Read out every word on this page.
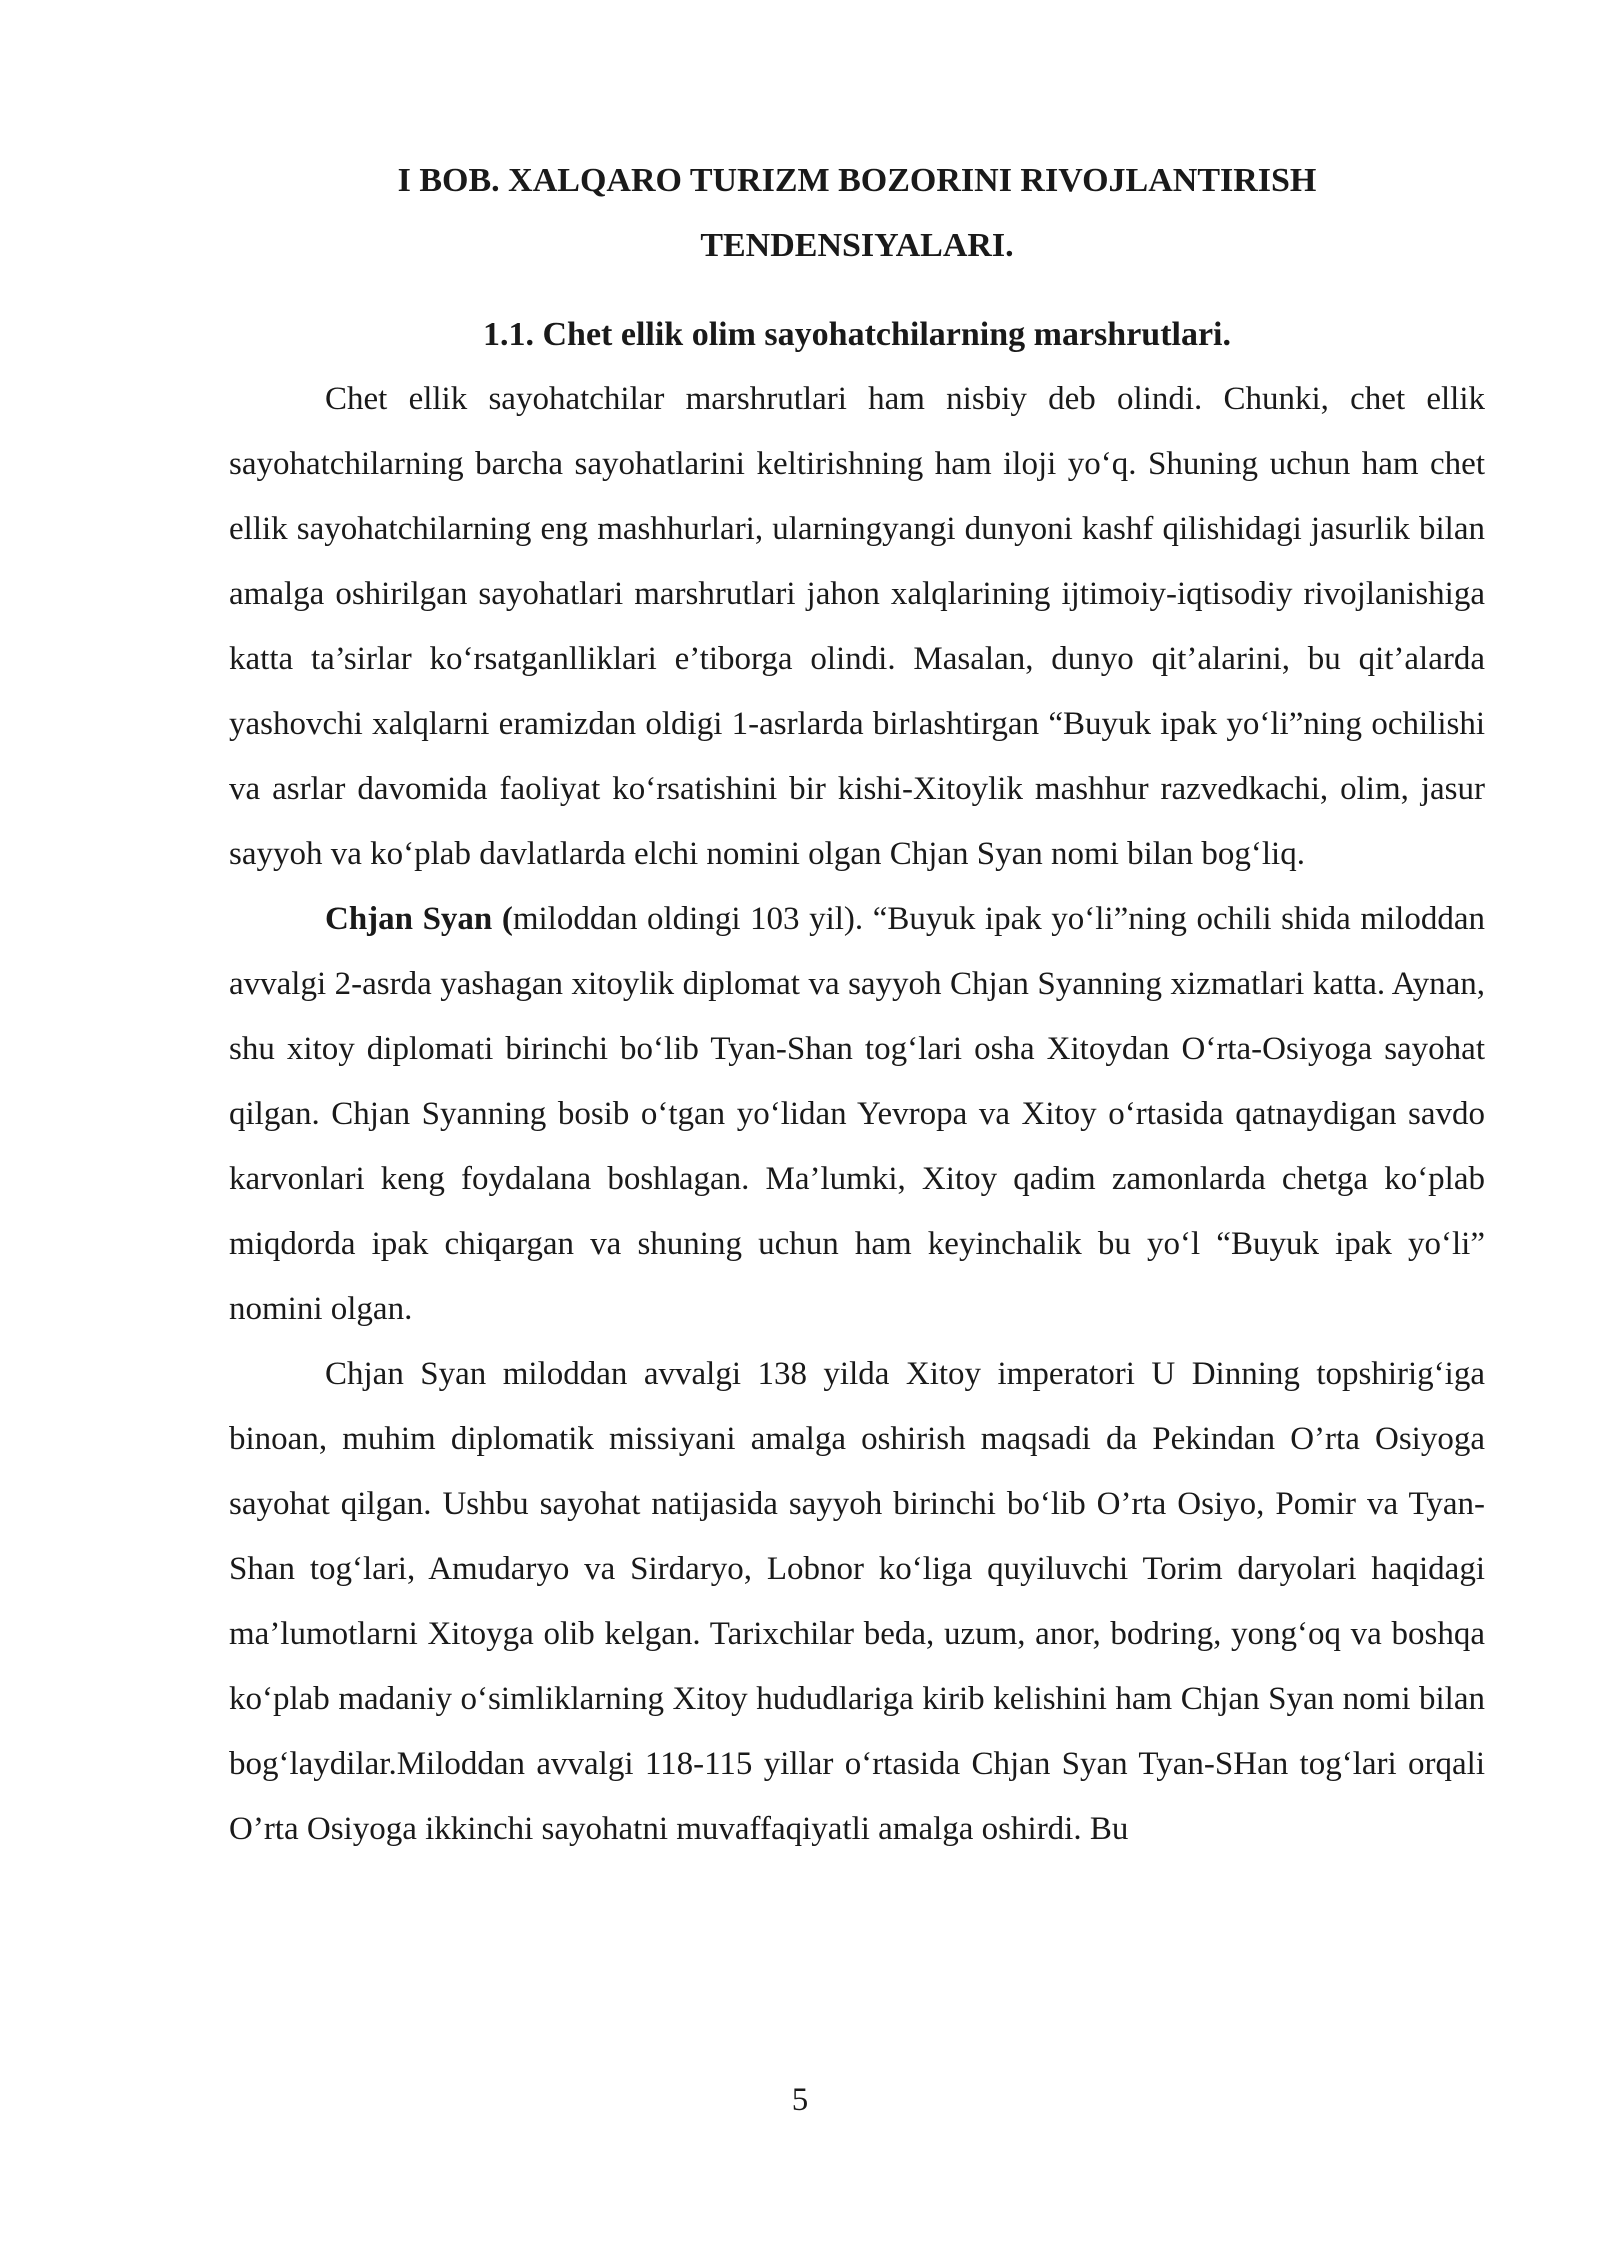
I BOB. XALQARO TURIZM BOZORINI RIVOJLANTIRISH
TENDENSIYALARI.

1.1. Chet ellik olim sayohatchilarning marshrutlari.

Chet ellik sayohatchilar marshrutlari ham nisbiy deb olindi. Chunki, chet ellik sayohatchilarning barcha sayohatlarini keltirishning ham iloji yo‘q. Shuning uchun ham chet ellik sayohatchilarning eng mashhurlari, ularningyangi dunyoni kashf qilishidagi jasurlik bilan amalga oshirilgan sayohatlari marshrutlari jahon xalqlarining ijtimoiy-iqtisodiy rivojlanishiga katta ta’sirlar ko‘rsatganlliklari e’tiborga olindi. Masalan, dunyo qit’alarini, bu qit’alarda yashovchi xalqlarni eramizdan oldigi 1-asrlarda birlashtirgan “Buyuk ipak yo‘li”ning ochilishi va asrlar davomida faoliyat ko‘rsatishini bir kishi-Xitoylik mashhur razvedkachi, olim, jasur sayyoh va ko‘plab davlatlarda elchi nomini olgan Chjan Syan nomi bilan bog‘liq.

Chjan Syan (miloddan oldingi 103 yil). “Buyuk ipak yo‘li”ning ochili shida miloddan avvalgi 2-asrda yashagan xitoylik diplomat va sayyoh Chjan Syanning xizmatlari katta. Aynan, shu xitoy diplomati birinchi bo‘lib Tyan-Shan tog‘lari osha Xitoydan O‘rta-Osiyoga sayohat qilgan. Chjan Syanning bosib o‘tgan yo‘lidan Yevropa va Xitoy o‘rtasida qatnaydigan savdo karvonlari keng foydalana boshlagan. Ma’lumki, Xitoy qadim zamonlarda chetga ko‘plab miqdorda ipak chiqargan va shuning uchun ham keyinchalik bu yo‘l “Buyuk ipak yo‘li” nomini olgan.

Chjan Syan miloddan avvalgi 138 yilda Xitoy imperatori U Dinning topshirig‘iga binoan, muhim diplomatik missiyani amalga oshirish maqsadi da Pekindan O’rta Osiyoga sayohat qilgan. Ushbu sayohat natijasida sayyoh birinchi bo‘lib O’rta Osiyo, Pomir va Tyan-Shan tog‘lari, Amudaryo va Sirdaryo, Lobnor ko‘liga quyiluvchi Torim daryolari haqidagi ma’lumotlarni Xitoyga olib kelgan. Tarixchilar beda, uzum, anor, bodring, yong‘oq va boshqa ko‘plab madaniy o‘simliklarning Xitoy hududlariga kirib kelishini ham Chjan Syan nomi bilan bog‘laydilar.Miloddan avvalgi 118-115 yillar o‘rtasida Chjan Syan Tyan-SHan tog‘lari orqali O’rta Osiyoga ikkinchi sayohatni muvaffaqiyatli amalga oshirdi. Bu

5
